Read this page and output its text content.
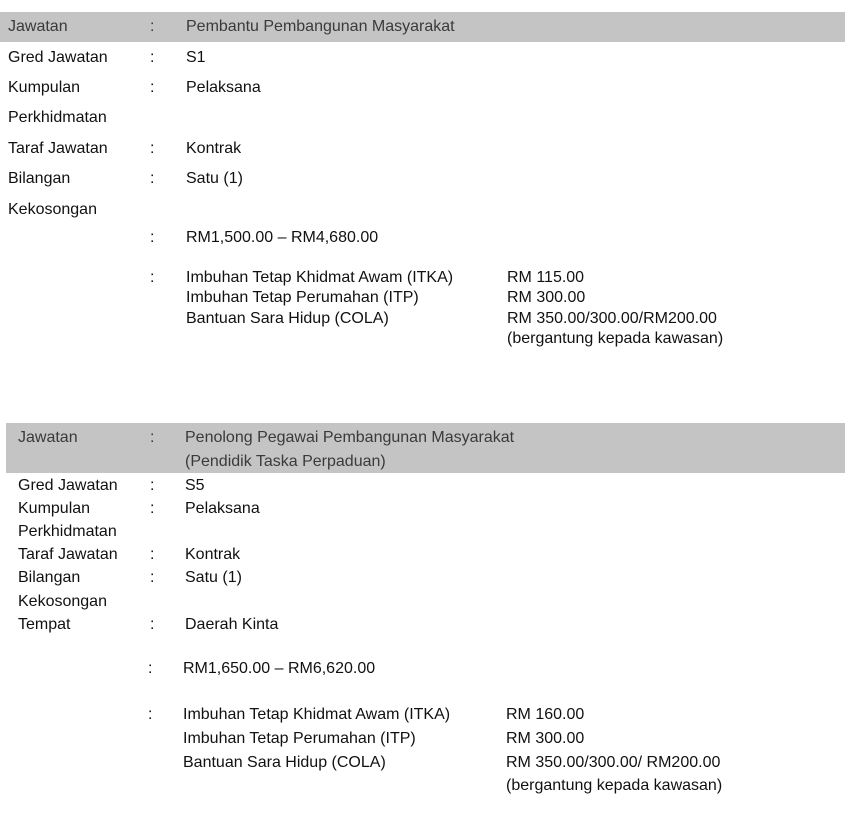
Jawatan	: Pembantu Pembangunan Masyarakat
Gred Jawatan	: S1
Kumpulan	: Pelaksana
Perkhidmatan
Taraf Jawatan	: Kontrak
Bilangan	: Satu (1)
Kekosongan
: RM1,500.00 – RM4,680.00
: Imbuhan Tetap Khidmat Awam (ITKA)	RM 115.00
Imbuhan Tetap Perumahan (ITP)	RM 300.00
Bantuan Sara Hidup (COLA)	RM 350.00/300.00/RM200.00
(bergantung kepada kawasan)
Jawatan	: Penolong Pegawai Pembangunan Masyarakat
(Pendidik Taska Perpaduan)
Gred Jawatan : S5
Kumpulan	: Pelaksana
Perkhidmatan
Taraf Jawatan : Kontrak
Bilangan	: Satu (1)
Kekosongan
Tempat	: Daerah Kinta
: RM1,650.00 – RM6,620.00
: Imbuhan Tetap Khidmat Awam (ITKA)	RM 160.00
Imbuhan Tetap Perumahan (ITP)	RM 300.00
Bantuan Sara Hidup (COLA)	RM 350.00/300.00/ RM200.00
(bergantung kepada kawasan)
